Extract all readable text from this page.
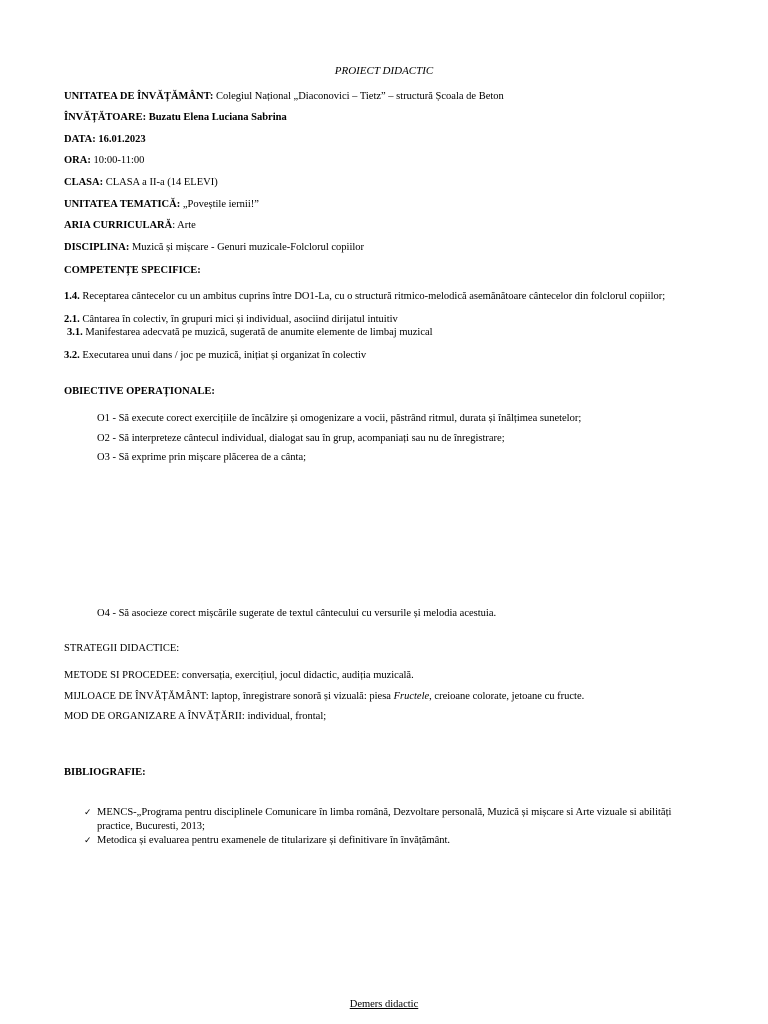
PROIECT DIDACTIC
UNITATEA DE ÎNVĂȚĂMÂNT: Colegiul Național „Diaconovici – Tietz” – structură Școala de Beton
ÎNVĂȚĂTOARE: Buzatu Elena Luciana Sabrina
DATA: 16.01.2023
ORA: 10:00-11:00
CLASA: CLASA a II-a (14 ELEVI)
UNITATEA TEMATICĂ: „Poveștile iernii!”
ARIA CURRICULARĂ: Arte
DISCIPLINA: Muzică și mișcare - Genuri muzicale-Folclorul copiilor
COMPETENȚE SPECIFICE:
1.4. Receptarea cântecelor cu un ambitus cuprins între DO1-La, cu o structură ritmico-melodică asemănătoare cântecelor din folclorul copiilor;
2.1. Cântarea în colectiv, în grupuri mici și individual, asociind dirijatul intuitiv
3.1. Manifestarea adecvată pe muzică, sugerată de anumite elemente de limbaj muzical
3.2. Executarea unui dans / joc pe muzică, inițiat și organizat în colectiv
OBIECTIVE OPERAȚIONALE:
O1 - Să execute corect exercițiile de încălzire și omogenizare a vocii, păstrând ritmul, durata și înălțimea sunetelor;
O2 - Să interpreteze cântecul individual, dialogat sau în grup, acompaniați sau nu de înregistrare;
O3 - Să exprime prin mișcare plăcerea de a cânta;
O4 - Să asocieze corect mișcările sugerate de textul cântecului cu versurile și melodia acestuia.
STRATEGII DIDACTICE:
METODE SI PROCEDEE: conversația, exercițiul, jocul didactic, audiția muzicală.
MIJLOACE DE ÎNVĂȚĂMÂNT: laptop, înregistrare sonoră și vizuală: piesa Fructele, creioane colorate, jetoane cu fructe.
MOD DE ORGANIZARE A ÎNVĂȚĂRII: individual, frontal;
BIBLIOGRAFIE:
✓ MENCS-„Programa pentru disciplinele Comunicare în limba română, Dezvoltare personală, Muzică și mișcare si Arte vizuale si abilități practice, Bucuresti, 2013;
✓ Metodica și evaluarea pentru examenele de titularizare și definitivare în învățământ.
Demers didactic
